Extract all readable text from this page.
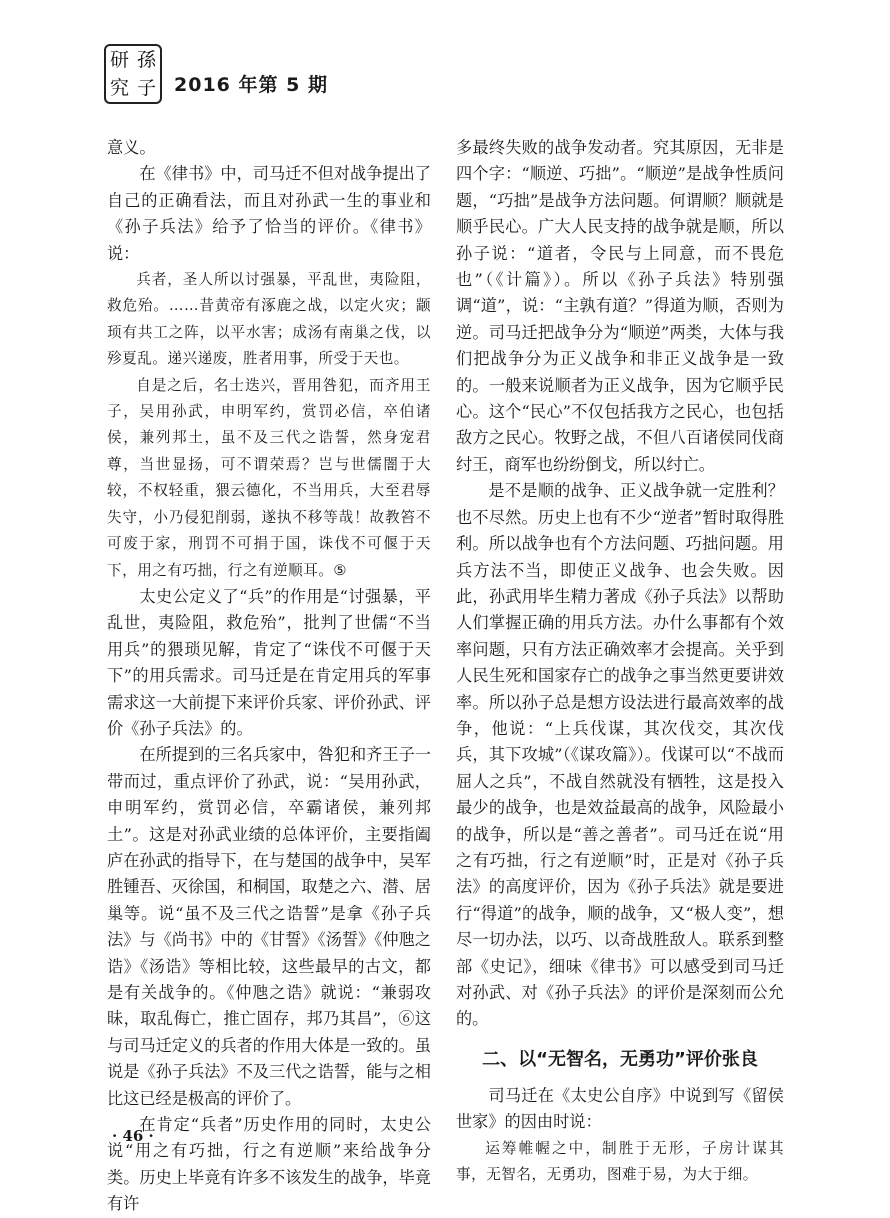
研 孫
究 子 2016 年第 5 期

意义。

在《律书》中，司马迁不但对战争提出了自己的正确看法，而且对孙武一生的事业和《孙子兵法》给予了恰当的评价。《律书》说：

兵者，圣人所以讨强暴，平乱世，夷险阻，救危殆。……昔黄帝有涿鹿之战，以定火灾；颛顼有共工之阵，以平水害；成汤有南巢之伐，以殄夏乱。递兴递废，胜者用事，所受于天也。

自是之后，名士迭兴，晋用咎犯，而齐用王子，吴用孙武，申明军约，赏罚必信，卒伯诸侯，兼列邦土，虽不及三代之诰誓，然身宠君尊，当世显扬，可不谓荣焉？岂与世儒闇于大较，不权轻重，猥云德化，不当用兵，大至君辱失守，小乃侵犯削弱，遂执不移等哉！故教笞不可废于家，刑罚不可捐于国，诛伐不可偃于天下，用之有巧拙，行之有逆顺耳。⑤

太史公定义了“兵”的作用是“讨强暴，平乱世，夷险阻，救危殆”，批判了世儒“不当用兵”的猥琐见解，肯定了“诛伐不可偃于天下”的用兵需求。司马迁是在肯定用兵的军事需求这一大前提下来评价兵家、评价孙武、评价《孙子兵法》的。

在所提到的三名兵家中，咎犯和齐王子一带而过，重点评价了孙武，说：“吴用孙武，申明军约，赏罚必信，卒霸诸侯，兼列邦土”。这是对孙武业绩的总体评价，主要指阖庐在孙武的指导下，在与楚国的战争中，吴军胜锺吾、灭徐国，和桐国，取楚之六、潜、居巢等。说“虽不及三代之诰誓”是拿《孙子兵法》与《尚书》中的《甘誓》《汤誓》《仲虺之诰》《汤诰》等相比较，这些最早的古文，都是有关战争的。《仲虺之诰》就说：“兼弱攻昧，取乱侮亡，推亡固存，邦乃其昌”，⑥这与司马迁定义的兵者的作用大体是一致的。虽说是《孙子兵法》不及三代之诰誓，能与之相比这已经是极高的评价了。

在肯定“兵者”历史作用的同时，太史公说“用之有巧拙，行之有逆顺”来给战争分类。历史上毕竟有许多不该发生的战争，毕竟有许

多最终失败的战争发动者。究其原因，无非是四个字：“顺逆、巧拙”。“顺逆”是战争性质问题，“巧拙”是战争方法问题。何谓顺？顺就是顺乎民心。广大人民支持的战争就是顺，所以孙子说：“道者，令民与上同意，而不畏危也”（《计篇》）。所以《孙子兵法》特别强调“道”，说：“主孰有道？”得道为顺，否则为逆。司马迁把战争分为“顺逆”两类，大体与我们把战争分为正义战争和非正义战争是一致的。一般来说顺者为正义战争，因为它顺乎民心。这个“民心”不仅包括我方之民心，也包括敌方之民心。牧野之战，不但八百诸侯同伐商纣王，商军也纷纷倒戈，所以纣亡。

是不是顺的战争、正义战争就一定胜利？也不尽然。历史上也有不少“逆者”暂时取得胜利。所以战争也有个方法问题、巧拙问题。用兵方法不当，即使正义战争、也会失败。因此，孙武用毕生精力著成《孙子兵法》以帮助人们掌握正确的用兵方法。办什么事都有个效率问题，只有方法正确效率才会提高。关乎到人民生死和国家存亡的战争之事当然更要讲效率。所以孙子总是想方设法进行最高效率的战争，他说：“上兵伐谋，其次伐交，其次伐兵，其下攻城”（《谋攻篇》）。伐谋可以“不战而屈人之兵”，不战自然就没有牺牲，这是投入最少的战争，也是效益最高的战争，风险最小的战争，所以是“善之善者”。司马迁在说“用之有巧拙，行之有逆顺”时，正是对《孙子兵法》的高度评价，因为《孙子兵法》就是要进行“得道”的战争，顺的战争，又“极人变”，想尽一切办法，以巧、以奇战胜敌人。联系到整部《史记》，细味《律书》可以感受到司马迁对孙武、对《孙子兵法》的评价是深刻而公允的。

二、以“无智名，无勇功”评价张良

司马迁在《太史公自序》中说到写《留侯世家》的因由时说：

运筹帷幄之中，制胜于无形，子房计谋其事，无智名，无勇功，图难于易，为大于细。

· 46 ·
